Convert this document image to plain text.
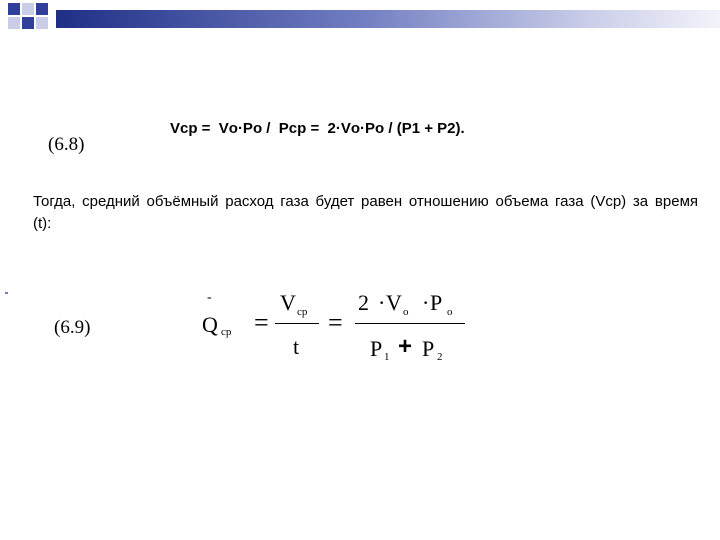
(6.8)
Vср =  Vо·Pо /  Рср =  2·Vо·Pо / (Р1 + Р2).
Тогда, средний объёмный расход газа будет равен отношению объема газа (Vср) за время (t):
(6.9)
-
Q ср =
V ср
t
=
2 · V о · P о
P 1 + P 2
